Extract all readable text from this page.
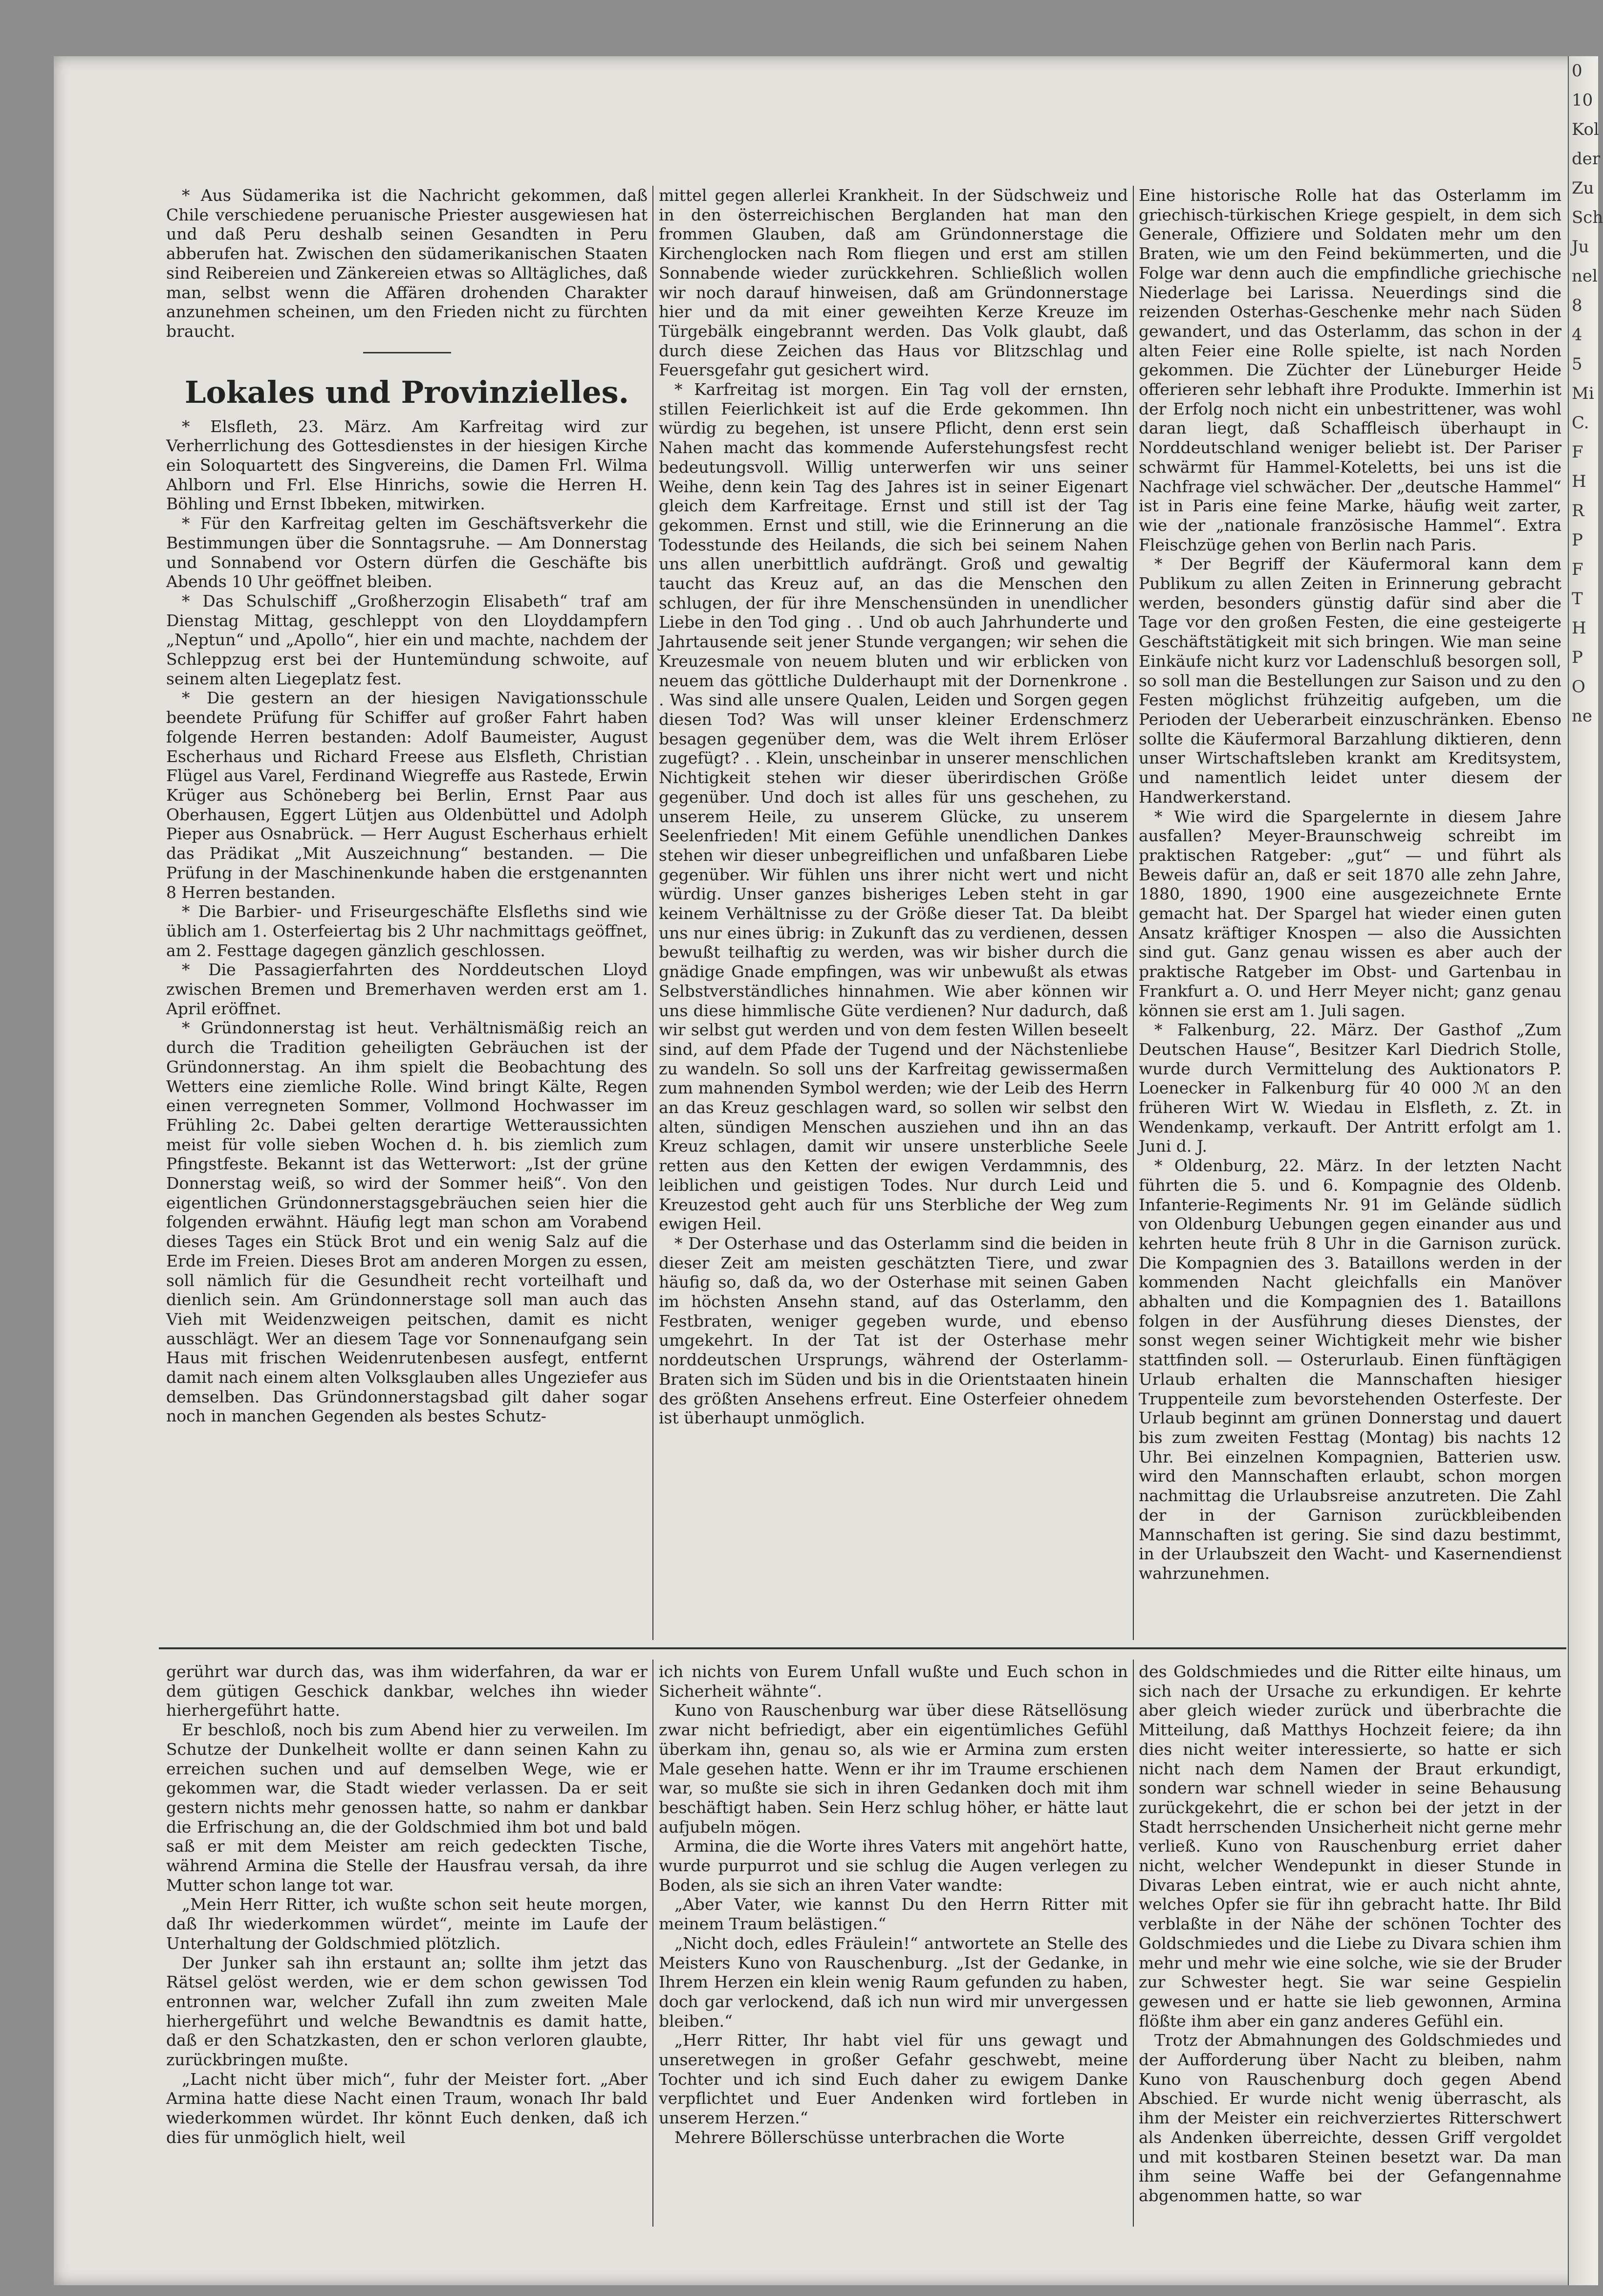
* Aus Südamerika ist die Nachricht gekommen, daß Chile verschiedene peruanische Priester ausgewiesen hat und daß Peru deshalb seinen Gesandten in Peru abberufen hat. Zwischen den südamerikanischen Staaten sind Reibereien und Zänkereien etwas so Alltägliches, daß man, selbst wenn die Affären drohenden Charakter anzunehmen scheinen, um den Frieden nicht zu fürchten braucht.

Lokales und Provinzielles.

* Elsfleth, 23. März. Am Karfreitag wird zur Verherrlichung des Gottesdienstes in der hiesigen Kirche ein Soloquartett des Singvereins, die Damen Frl. Wilma Ahlborn und Frl. Else Hinrichs, sowie die Herren H. Böhling und Ernst Ibbeken, mitwirken.

* Für den Karfreitag gelten im Geschäftsverkehr die Bestimmungen über die Sonntagsruhe. — Am Donnerstag und Sonnabend vor Ostern dürfen die Geschäfte bis Abends 10 Uhr geöffnet bleiben.

* Das Schulschiff „Großherzogin Elisabeth“ traf am Dienstag Mittag, geschleppt von den Lloyddampfern „Neptun“ und „Apollo“, hier ein und machte, nachdem der Schleppzug erst bei der Huntemündung schwoite, auf seinem alten Liegeplatz fest.

* Die gestern an der hiesigen Navigationsschule beendete Prüfung für Schiffer auf großer Fahrt haben folgende Herren bestanden: Adolf Baumeister, August Escherhaus und Richard Freese aus Elsfleth, Christian Flügel aus Varel, Ferdinand Wiegreffe aus Rastede, Erwin Krüger aus Schöneberg bei Berlin, Ernst Paar aus Oberhausen, Eggert Lütjen aus Oldenbüttel und Adolph Pieper aus Osnabrück. — Herr August Escherhaus erhielt das Prädikat „Mit Auszeichnung“ bestanden. — Die Prüfung in der Maschinenkunde haben die erstgenannten 8 Herren bestanden.

* Die Barbier- und Friseurgeschäfte Elsfleths sind wie üblich am 1. Osterfeiertag bis 2 Uhr nachmittags geöffnet, am 2. Festtage dagegen gänzlich geschlossen.

* Die Passagierfahrten des Norddeutschen Lloyd zwischen Bremen und Bremerhaven werden erst am 1. April eröffnet.

* Gründonnerstag ist heut. Verhältnismäßig reich an durch die Tradition geheiligten Gebräuchen ist der Gründonnerstag. An ihm spielt die Beobachtung des Wetters eine ziemliche Rolle. Wind bringt Kälte, Regen einen verregneten Sommer, Vollmond Hochwasser im Frühling 2c. Dabei gelten derartige Wetteraussichten meist für volle sieben Wochen d. h. bis ziemlich zum Pfingstfeste. Bekannt ist das Wetterwort: „Ist der grüne Donnerstag weiß, so wird der Sommer heiß“. Von den eigentlichen Gründonnerstagsgebräuchen seien hier die folgenden erwähnt. Häufig legt man schon am Vorabend dieses Tages ein Stück Brot und ein wenig Salz auf die Erde im Freien. Dieses Brot am anderen Morgen zu essen, soll nämlich für die Gesundheit recht vorteilhaft und dienlich sein. Am Gründonnerstage soll man auch das Vieh mit Weidenzweigen peitschen, damit es nicht ausschlägt. Wer an diesem Tage vor Sonnenaufgang sein Haus mit frischen Weidenrutenbesen ausfegt, entfernt damit nach einem alten Volksglauben alles Ungeziefer aus demselben. Das Gründonnerstagsbad gilt daher sogar noch in manchen Gegenden als bestes Schutz-

mittel gegen allerlei Krankheit. In der Südschweiz und in den österreichischen Berglanden hat man den frommen Glauben, daß am Gründonnerstage die Kirchenglocken nach Rom fliegen und erst am stillen Sonnabende wieder zurückkehren. Schließlich wollen wir noch darauf hinweisen, daß am Gründonnerstage hier und da mit einer geweihten Kerze Kreuze im Türgebälk eingebrannt werden. Das Volk glaubt, daß durch diese Zeichen das Haus vor Blitzschlag und Feuersgefahr gut gesichert wird.

* Karfreitag ist morgen. Ein Tag voll der ernsten, stillen Feierlichkeit ist auf die Erde gekommen. Ihn würdig zu begehen, ist unsere Pflicht, denn erst sein Nahen macht das kommende Auferstehungsfest recht bedeutungsvoll. Willig unterwerfen wir uns seiner Weihe, denn kein Tag des Jahres ist in seiner Eigenart gleich dem Karfreitage. Ernst und still ist der Tag gekommen. Ernst und still, wie die Erinnerung an die Todesstunde des Heilands, die sich bei seinem Nahen uns allen unerbittlich aufdrängt. Groß und gewaltig taucht das Kreuz auf, an das die Menschen den schlugen, der für ihre Menschensünden in unendlicher Liebe in den Tod ging . . Und ob auch Jahrhunderte und Jahrtausende seit jener Stunde vergangen; wir sehen die Kreuzesmale von neuem bluten und wir erblicken von neuem das göttliche Dulderhaupt mit der Dornenkrone . . Was sind alle unsere Qualen, Leiden und Sorgen gegen diesen Tod? Was will unser kleiner Erdenschmerz besagen gegenüber dem, was die Welt ihrem Erlöser zugefügt? . . Klein, unscheinbar in unserer menschlichen Nichtigkeit stehen wir dieser überirdischen Größe gegenüber. Und doch ist alles für uns geschehen, zu unserem Heile, zu unserem Glücke, zu unserem Seelenfrieden! Mit einem Gefühle unendlichen Dankes stehen wir dieser unbegreiflichen und unfaßbaren Liebe gegenüber. Wir fühlen uns ihrer nicht wert und nicht würdig. Unser ganzes bisheriges Leben steht in gar keinem Verhältnisse zu der Größe dieser Tat. Da bleibt uns nur eines übrig: in Zukunft das zu verdienen, dessen bewußt teilhaftig zu werden, was wir bisher durch die gnädige Gnade empfingen, was wir unbewußt als etwas Selbstverständliches hinnahmen. Wie aber können wir uns diese himmlische Güte verdienen? Nur dadurch, daß wir selbst gut werden und von dem festen Willen beseelt sind, auf dem Pfade der Tugend und der Nächstenliebe zu wandeln. So soll uns der Karfreitag gewissermaßen zum mahnenden Symbol werden; wie der Leib des Herrn an das Kreuz geschlagen ward, so sollen wir selbst den alten, sündigen Menschen ausziehen und ihn an das Kreuz schlagen, damit wir unsere unsterbliche Seele retten aus den Ketten der ewigen Verdammnis, des leiblichen und geistigen Todes. Nur durch Leid und Kreuzestod geht auch für uns Sterbliche der Weg zum ewigen Heil.

* Der Osterhase und das Osterlamm sind die beiden in dieser Zeit am meisten geschätzten Tiere, und zwar häufig so, daß da, wo der Osterhase mit seinen Gaben im höchsten Ansehn stand, auf das Osterlamm, den Festbraten, weniger gegeben wurde, und ebenso umgekehrt. In der Tat ist der Osterhase mehr norddeutschen Ursprungs, während der Osterlamm-Braten sich im Süden und bis in die Orientstaaten hinein des größten Ansehens erfreut. Eine Osterfeier ohnedem ist überhaupt unmöglich.

Eine historische Rolle hat das Osterlamm im griechisch-türkischen Kriege gespielt, in dem sich Generale, Offiziere und Soldaten mehr um den Braten, wie um den Feind bekümmerten, und die Folge war denn auch die empfindliche griechische Niederlage bei Larissa. Neuerdings sind die reizenden Osterhas-Geschenke mehr nach Süden gewandert, und das Osterlamm, das schon in der alten Feier eine Rolle spielte, ist nach Norden gekommen. Die Züchter der Lüneburger Heide offerieren sehr lebhaft ihre Produkte. Immerhin ist der Erfolg noch nicht ein unbestrittener, was wohl daran liegt, daß Schaffleisch überhaupt in Norddeutschland weniger beliebt ist. Der Pariser schwärmt für Hammel-Koteletts, bei uns ist die Nachfrage viel schwächer. Der „deutsche Hammel“ ist in Paris eine feine Marke, häufig weit zarter, wie der „nationale französische Hammel“. Extra Fleischzüge gehen von Berlin nach Paris.

* Der Begriff der Käufermoral kann dem Publikum zu allen Zeiten in Erinnerung gebracht werden, besonders günstig dafür sind aber die Tage vor den großen Festen, die eine gesteigerte Geschäftstätigkeit mit sich bringen. Wie man seine Einkäufe nicht kurz vor Ladenschluß besorgen soll, so soll man die Bestellungen zur Saison und zu den Festen möglichst frühzeitig aufgeben, um die Perioden der Ueberarbeit einzuschränken. Ebenso sollte die Käufermoral Barzahlung diktieren, denn unser Wirtschaftsleben krankt am Kreditsystem, und namentlich leidet unter diesem der Handwerkerstand.

* Wie wird die Spargelernte in diesem Jahre ausfallen? Meyer-Braunschweig schreibt im praktischen Ratgeber: „gut“ — und führt als Beweis dafür an, daß er seit 1870 alle zehn Jahre, 1880, 1890, 1900 eine ausgezeichnete Ernte gemacht hat. Der Spargel hat wieder einen guten Ansatz kräftiger Knospen — also die Aussichten sind gut. Ganz genau wissen es aber auch der praktische Ratgeber im Obst- und Gartenbau in Frankfurt a. O. und Herr Meyer nicht; ganz genau können sie erst am 1. Juli sagen.

* Falkenburg, 22. März. Der Gasthof „Zum Deutschen Hause“, Besitzer Karl Diedrich Stolle, wurde durch Vermittelung des Auktionators P. Loenecker in Falkenburg für 40 000 ℳ an den früheren Wirt W. Wiedau in Elsfleth, z. Zt. in Wendenkamp, verkauft. Der Antritt erfolgt am 1. Juni d. J.

* Oldenburg, 22. März. In der letzten Nacht führten die 5. und 6. Kompagnie des Oldenb. Infanterie-Regiments Nr. 91 im Gelände südlich von Oldenburg Uebungen gegen einander aus und kehrten heute früh 8 Uhr in die Garnison zurück. Die Kompagnien des 3. Bataillons werden in der kommenden Nacht gleichfalls ein Manöver abhalten und die Kompagnien des 1. Bataillons folgen in der Ausführung dieses Dienstes, der sonst wegen seiner Wichtigkeit mehr wie bisher stattfinden soll. — Osterurlaub. Einen fünftägigen Urlaub erhalten die Mannschaften hiesiger Truppenteile zum bevorstehenden Osterfeste. Der Urlaub beginnt am grünen Donnerstag und dauert bis zum zweiten Festtag (Montag) bis nachts 12 Uhr. Bei einzelnen Kompagnien, Batterien usw. wird den Mannschaften erlaubt, schon morgen nachmittag die Urlaubsreise anzutreten. Die Zahl der in der Garnison zurückbleibenden Mannschaften ist gering. Sie sind dazu bestimmt, in der Urlaubszeit den Wacht- und Kasernendienst wahrzunehmen.

gerührt war durch das, was ihm widerfahren, da war er dem gütigen Geschick dankbar, welches ihn wieder hierhergeführt hatte.

Er beschloß, noch bis zum Abend hier zu verweilen. Im Schutze der Dunkelheit wollte er dann seinen Kahn zu erreichen suchen und auf demselben Wege, wie er gekommen war, die Stadt wieder verlassen. Da er seit gestern nichts mehr genossen hatte, so nahm er dankbar die Erfrischung an, die der Goldschmied ihm bot und bald saß er mit dem Meister am reich gedeckten Tische, während Armina die Stelle der Hausfrau versah, da ihre Mutter schon lange tot war.

„Mein Herr Ritter, ich wußte schon seit heute morgen, daß Ihr wiederkommen würdet“, meinte im Laufe der Unterhaltung der Goldschmied plötzlich.

Der Junker sah ihn erstaunt an; sollte ihm jetzt das Rätsel gelöst werden, wie er dem schon gewissen Tod entronnen war, welcher Zufall ihn zum zweiten Male hierhergeführt und welche Bewandtnis es damit hatte, daß er den Schatzkasten, den er schon verloren glaubte, zurückbringen mußte.

„Lacht nicht über mich“, fuhr der Meister fort. „Aber Armina hatte diese Nacht einen Traum, wonach Ihr bald wiederkommen würdet. Ihr könnt Euch denken, daß ich dies für unmöglich hielt, weil

ich nichts von Eurem Unfall wußte und Euch schon in Sicherheit wähnte“.

Kuno von Rauschenburg war über diese Rätsellösung zwar nicht befriedigt, aber ein eigentümliches Gefühl überkam ihn, genau so, als wie er Armina zum ersten Male gesehen hatte. Wenn er ihr im Traume erschienen war, so mußte sie sich in ihren Gedanken doch mit ihm beschäftigt haben. Sein Herz schlug höher, er hätte laut aufjubeln mögen.

Armina, die die Worte ihres Vaters mit angehört hatte, wurde purpurrot und sie schlug die Augen verlegen zu Boden, als sie sich an ihren Vater wandte:

„Aber Vater, wie kannst Du den Herrn Ritter mit meinem Traum belästigen.“

„Nicht doch, edles Fräulein!“ antwortete an Stelle des Meisters Kuno von Rauschenburg. „Ist der Gedanke, in Ihrem Herzen ein klein wenig Raum gefunden zu haben, doch gar verlockend, daß ich nun wird mir unvergessen bleiben.“

„Herr Ritter, Ihr habt viel für uns gewagt und unseretwegen in großer Gefahr geschwebt, meine Tochter und ich sind Euch daher zu ewigem Danke verpflichtet und Euer Andenken wird fortleben in unserem Herzen.“

Mehrere Böllerschüsse unterbrachen die Worte

des Goldschmiedes und die Ritter eilte hinaus, um sich nach der Ursache zu erkundigen. Er kehrte aber gleich wieder zurück und überbrachte die Mitteilung, daß Matthys Hochzeit feiere; da ihn dies nicht weiter interessierte, so hatte er sich nicht nach dem Namen der Braut erkundigt, sondern war schnell wieder in seine Behausung zurückgekehrt, die er schon bei der jetzt in der Stadt herrschenden Unsicherheit nicht gerne mehr verließ. Kuno von Rauschenburg erriet daher nicht, welcher Wendepunkt in dieser Stunde in Divaras Leben eintrat, wie er auch nicht ahnte, welches Opfer sie für ihn gebracht hatte. Ihr Bild verblaßte in der Nähe der schönen Tochter des Goldschmiedes und die Liebe zu Divara schien ihm mehr und mehr wie eine solche, wie sie der Bruder zur Schwester hegt. Sie war seine Gespielin gewesen und er hatte sie lieb gewonnen, Armina flößte ihm aber ein ganz anderes Gefühl ein.

Trotz der Abmahnungen des Goldschmiedes und der Aufforderung über Nacht zu bleiben, nahm Kuno von Rauschenburg doch gegen Abend Abschied. Er wurde nicht wenig überrascht, als ihm der Meister ein reichverziertes Ritterschwert als Andenken überreichte, dessen Griff vergoldet und mit kostbaren Steinen besetzt war. Da man ihm seine Waffe bei der Gefangennahme abgenommen hatte, so war

0
10
Kol
der
Zu
Sch
Ju
nel
8
4
5
Mi
C.
F
H
R
P
F
T
H
P
O
ne
